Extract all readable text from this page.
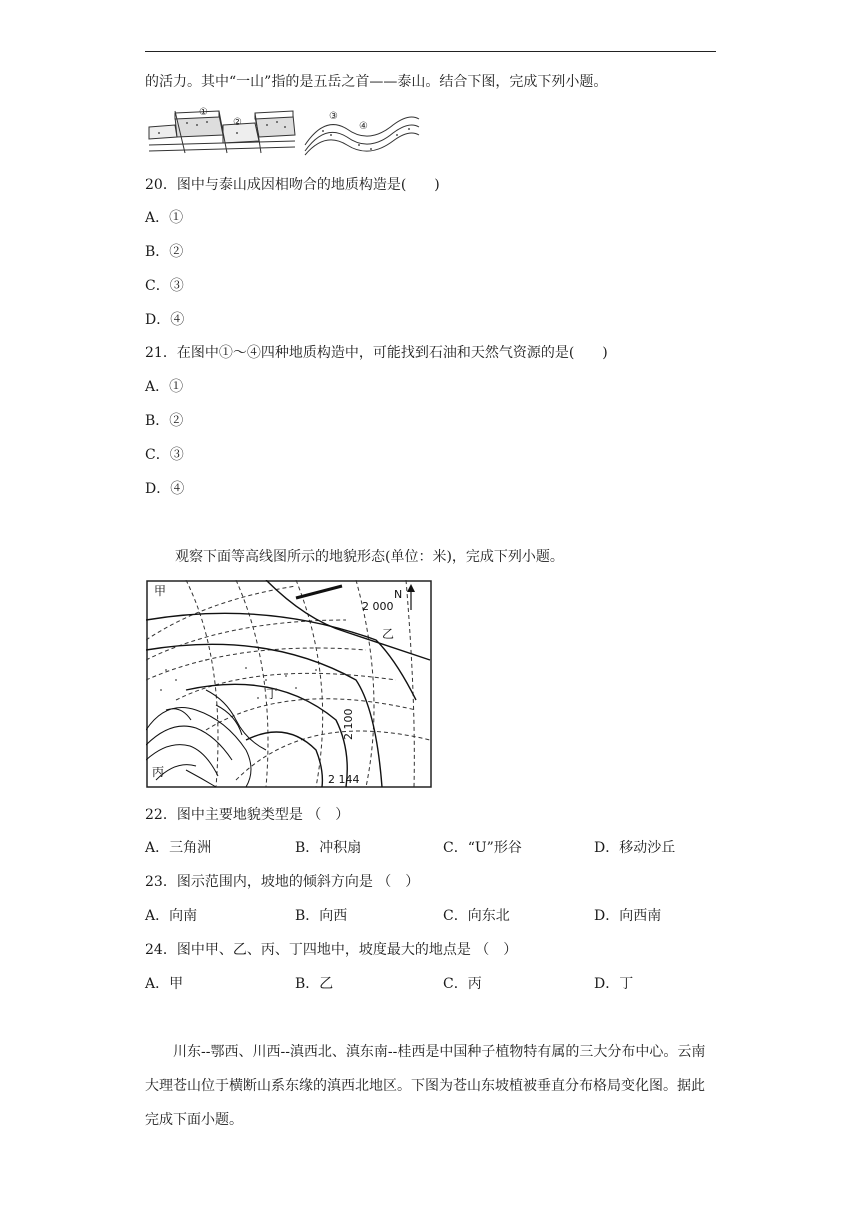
的活力。其中“一山”指的是五岳之首——泰山。结合下图，完成下列小题。
①
②
③
④
20．图中与泰山成因相吻合的地质构造是(　　)
A．①
B．②
C．③
D．④
21．在图中①～④四种地质构造中，可能找到石油和天然气资源的是(　　)
A．①
B．②
C．③
D．④
观察下面等高线图所示的地貌形态(单位：米)，完成下列小题。
甲
乙
丙
丁
N
2 000
2 100
2 144
22．图中主要地貌类型是 （　）
A．三角洲	B．冲积扇	C．“U”形谷	D．移动沙丘
23．图示范围内，坡地的倾斜方向是 （　）
A．向南	B．向西	C．向东北	D．向西南
24．图中甲、乙、丙、丁四地中，坡度最大的地点是 （　）
A．甲	B．乙	C．丙	D．丁
川东--鄂西、川西--滇西北、滇东南--桂西是中国种子植物特有属的三大分布中心。云南大理苍山位于横断山系东缘的滇西北地区。下图为苍山东坡植被垂直分布格局变化图。据此完成下面小题。
